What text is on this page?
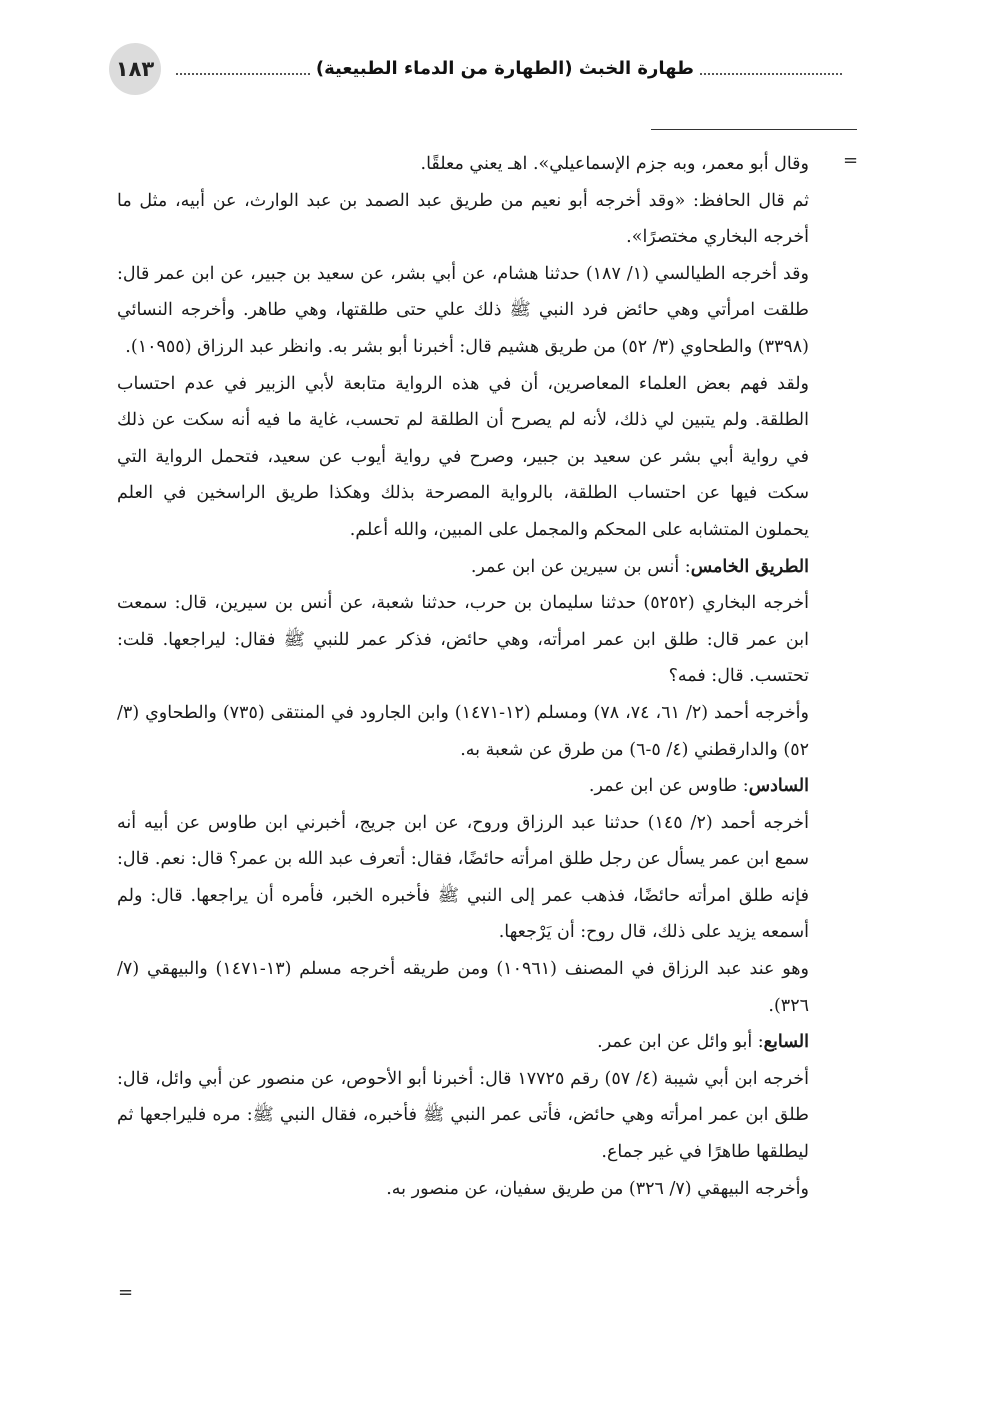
١٨٣	طهارة الخبث (الطهارة من الدماء الطبيعية)
=
=

وقال أبو معمر، وبه جزم الإسماعيلي». اهـ يعني معلقًا.

ثم قال الحافظ: «وقد أخرجه أبو نعيم من طريق عبد الصمد بن عبد الوارث، عن أبيه، مثل ما أخرجه البخاري مختصرًا».

وقد أخرجه الطيالسي (١/ ١٨٧) حدثنا هشام، عن أبي بشر، عن سعيد بن جبير، عن ابن عمر قال: طلقت امرأتي وهي حائض فرد النبي ﷺ ذلك علي حتى طلقتها، وهي طاهر. وأخرجه النسائي (٣٣٩٨) والطحاوي (٣/ ٥٢) من طريق هشيم قال: أخبرنا أبو بشر به. وانظر عبد الرزاق (١٠٩٥٥).

ولقد فهم بعض العلماء المعاصرين، أن في هذه الرواية متابعة لأبي الزبير في عدم احتساب الطلقة. ولم يتبين لي ذلك، لأنه لم يصرح أن الطلقة لم تحسب، غاية ما فيه أنه سكت عن ذلك في رواية أبي بشر عن سعيد بن جبير، وصرح في رواية أيوب عن سعيد، فتحمل الرواية التي سكت فيها عن احتساب الطلقة، بالرواية المصرحة بذلك وهكذا طريق الراسخين في العلم يحملون المتشابه على المحكم والمجمل على المبين، والله أعلم.

الطريق الخامس: أنس بن سيرين عن ابن عمر.

أخرجه البخاري (٥٢٥٢) حدثنا سليمان بن حرب، حدثنا شعبة، عن أنس بن سيرين، قال: سمعت ابن عمر قال: طلق ابن عمر امرأته، وهي حائض، فذكر عمر للنبي ﷺ فقال: ليراجعها. قلت: تحتسب. قال: فمه؟

وأخرجه أحمد (٢/ ٦١، ٧٤، ٧٨) ومسلم (١٢-١٤٧١) وابن الجارود في المنتقى (٧٣٥) والطحاوي (٣/ ٥٢) والدارقطني (٤/ ٥-٦) من طرق عن شعبة به.

السادس: طاوس عن ابن عمر.

أخرجه أحمد (٢/ ١٤٥) حدثنا عبد الرزاق وروح، عن ابن جريج، أخبرني ابن طاوس عن أبيه أنه سمع ابن عمر يسأل عن رجل طلق امرأته حائضًا، فقال: أتعرف عبد الله بن عمر؟ قال: نعم. قال: فإنه طلق امرأته حائضًا، فذهب عمر إلى النبي ﷺ فأخبره الخبر، فأمره أن يراجعها. قال: ولم أسمعه يزيد على ذلك، قال روح: أن يَرْجعها.

وهو عند عبد الرزاق في المصنف (١٠٩٦١) ومن طريقه أخرجه مسلم (١٣-١٤٧١) والبيهقي (٧/ ٣٢٦).

السابع: أبو وائل عن ابن عمر.

أخرجه ابن أبي شيبة (٤/ ٥٧) رقم ١٧٧٢٥ قال: أخبرنا أبو الأحوص، عن منصور عن أبي وائل، قال: طلق ابن عمر امرأته وهي حائض، فأتى عمر النبي ﷺ فأخبره، فقال النبي ﷺ: مره فليراجعها ثم ليطلقها طاهرًا في غير جماع.

وأخرجه البيهقي (٧/ ٣٢٦) من طريق سفيان، عن منصور به.
